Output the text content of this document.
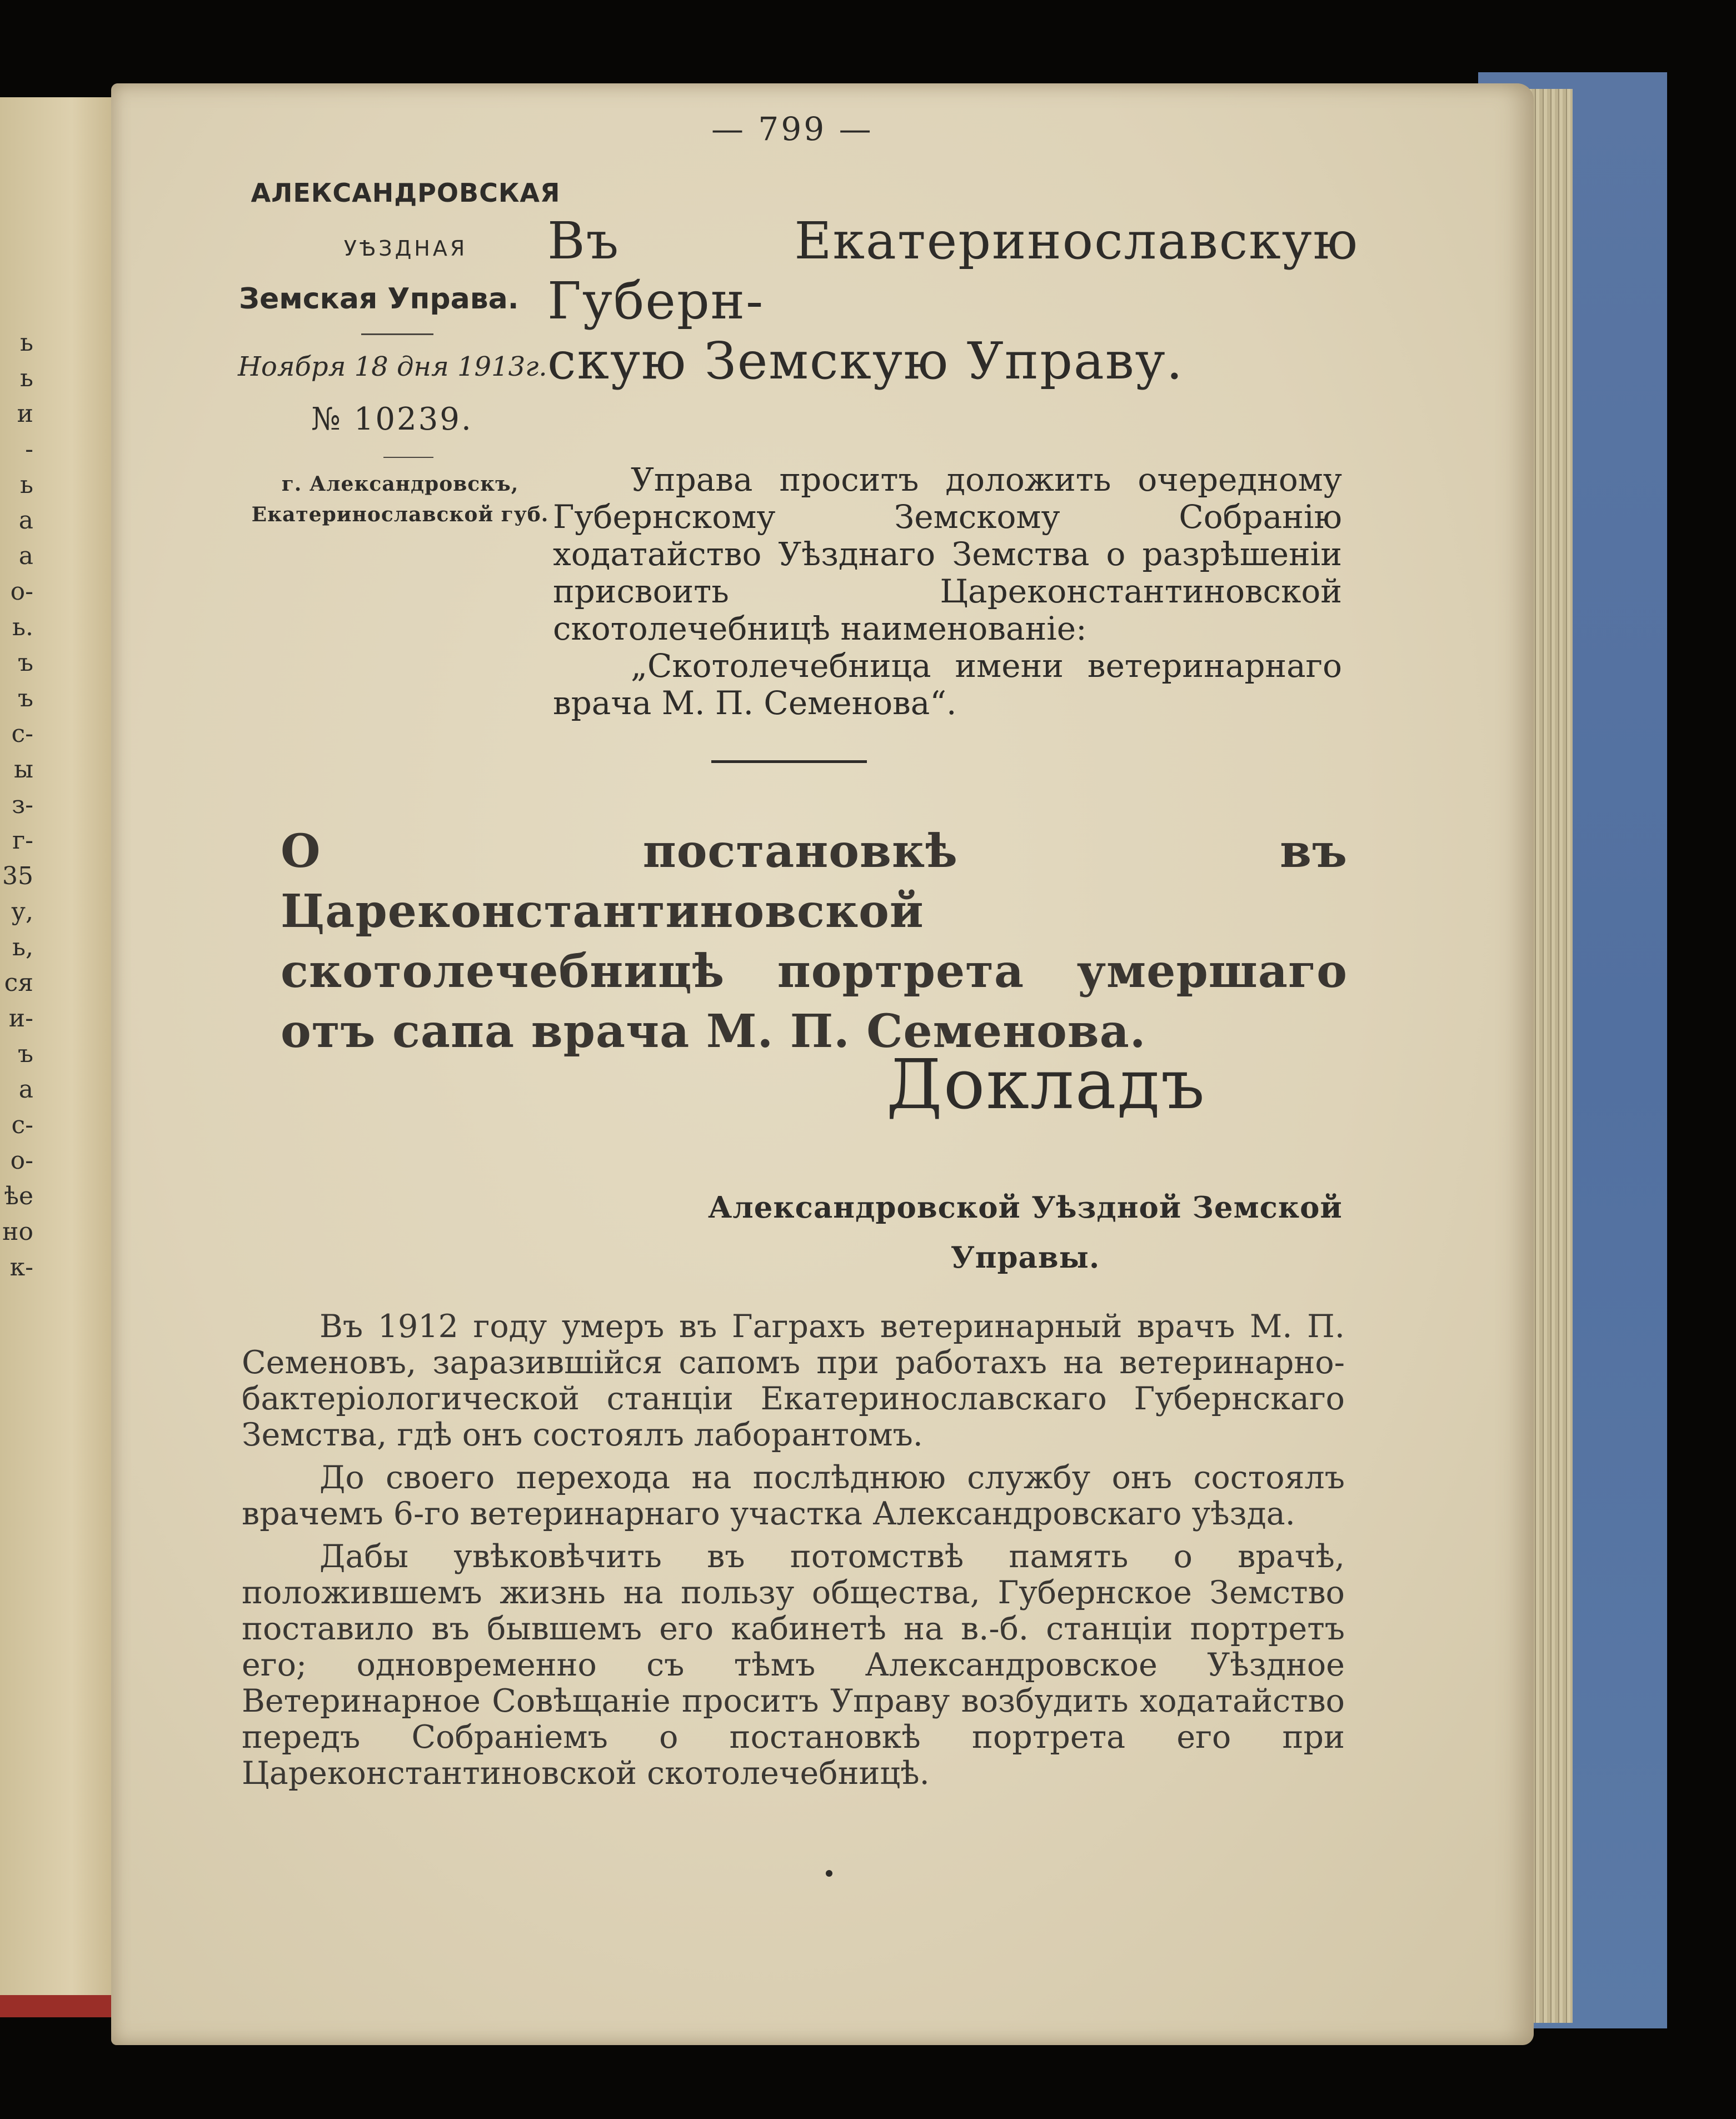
ь
ь
и
-
ь
а
а
о-
ь.
ъ
ъ
с-
ы
з-
г-
35
у,
ь,
ся
и-
ъ
а
с-
о-
ѣе
но
к-
— 799 —
АЛЕКСАНДРОВСКАЯ
УѢЗДНАЯ
Земская Управа.
Ноября 18 дня 1913г.
№ 10239.
г. Александровскъ,
Екатеринославской губ.
Въ Екатеринославскую Губерн-
скую Земскую Управу.

Управа проситъ доложить очередному Губернскому Земскому Собранію ходатайство Уѣзднаго Земства о разрѣшеніи присвоить Цареконстантиновской скотолечебницѣ наименованіе:

„Скотолечебница имени ветеринарнаго врача М. П. Семенова“.

О постановкѣ въ Цареконстантиновской скотолечебницѣ портрета умершаго отъ сапа врача М. П. Семенова.
Докладъ
Александровской Уѣздной Земской
Управы.

Въ 1912 году умеръ въ Гаграхъ ветеринарный врачъ М. П. Семеновъ, заразившійся сапомъ при работахъ на ветеринарно-бактеріологической станціи Екатеринославскаго Губернскаго Земства, гдѣ онъ состоялъ лаборантомъ.

До своего перехода на послѣднюю службу онъ состоялъ врачемъ 6-го ветеринарнаго участка Александровскаго уѣзда.

Дабы увѣковѣчить въ потомствѣ память о врачѣ, положившемъ жизнь на пользу общества, Губернское Земство поставило въ бывшемъ его кабинетѣ на в.-б. станціи портретъ его; одновременно съ тѣмъ Александровское Уѣздное Ветеринарное Совѣщаніе проситъ Управу возбудить ходатайство передъ Собраніемъ о постановкѣ портрета его при Цареконстантиновской скотолечебницѣ.
